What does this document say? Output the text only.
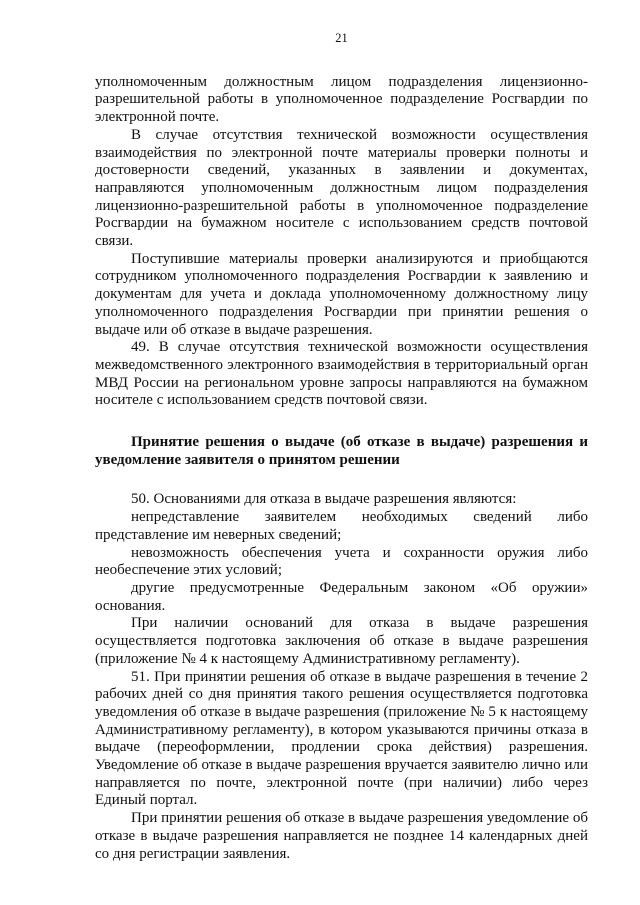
21

уполномоченным должностным лицом подразделения лицензионно-разрешительной работы в уполномоченное подразделение Росгвардии по электронной почте.

В случае отсутствия технической возможности осуществления взаимодействия по электронной почте материалы проверки полноты и достоверности сведений, указанных в заявлении и документах, направляются уполномоченным должностным лицом подразделения лицензионно-разрешительной работы в уполномоченное подразделение Росгвардии на бумажном носителе с использованием средств почтовой связи.

Поступившие материалы проверки анализируются и приобщаются сотрудником уполномоченного подразделения Росгвардии к заявлению и документам для учета и доклада уполномоченному должностному лицу уполномоченного подразделения Росгвардии при принятии решения о выдаче или об отказе в выдаче разрешения.

49. В случае отсутствия технической возможности осуществления межведомственного электронного взаимодействия в территориальный орган МВД России на региональном уровне запросы направляются на бумажном носителе с использованием средств почтовой связи.

Принятие решения о выдаче (об отказе в выдаче) разрешения и уведомление заявителя о принятом решении

50. Основаниями для отказа в выдаче разрешения являются:

непредставление заявителем необходимых сведений либо представление им неверных сведений;

невозможность обеспечения учета и сохранности оружия либо необеспечение этих условий;

другие предусмотренные Федеральным законом «Об оружии» основания.

При наличии оснований для отказа в выдаче разрешения осуществляется подготовка заключения об отказе в выдаче разрешения (приложение № 4 к настоящему Административному регламенту).

51. При принятии решения об отказе в выдаче разрешения в течение 2 рабочих дней со дня принятия такого решения осуществляется подготовка уведомления об отказе в выдаче разрешения (приложение № 5 к настоящему Административному регламенту), в котором указываются причины отказа в выдаче (переоформлении, продлении срока действия) разрешения. Уведомление об отказе в выдаче разрешения вручается заявителю лично или направляется по почте, электронной почте (при наличии) либо через Единый портал.

При принятии решения об отказе в выдаче разрешения уведомление об отказе в выдаче разрешения направляется не позднее 14 календарных дней со дня регистрации заявления.
